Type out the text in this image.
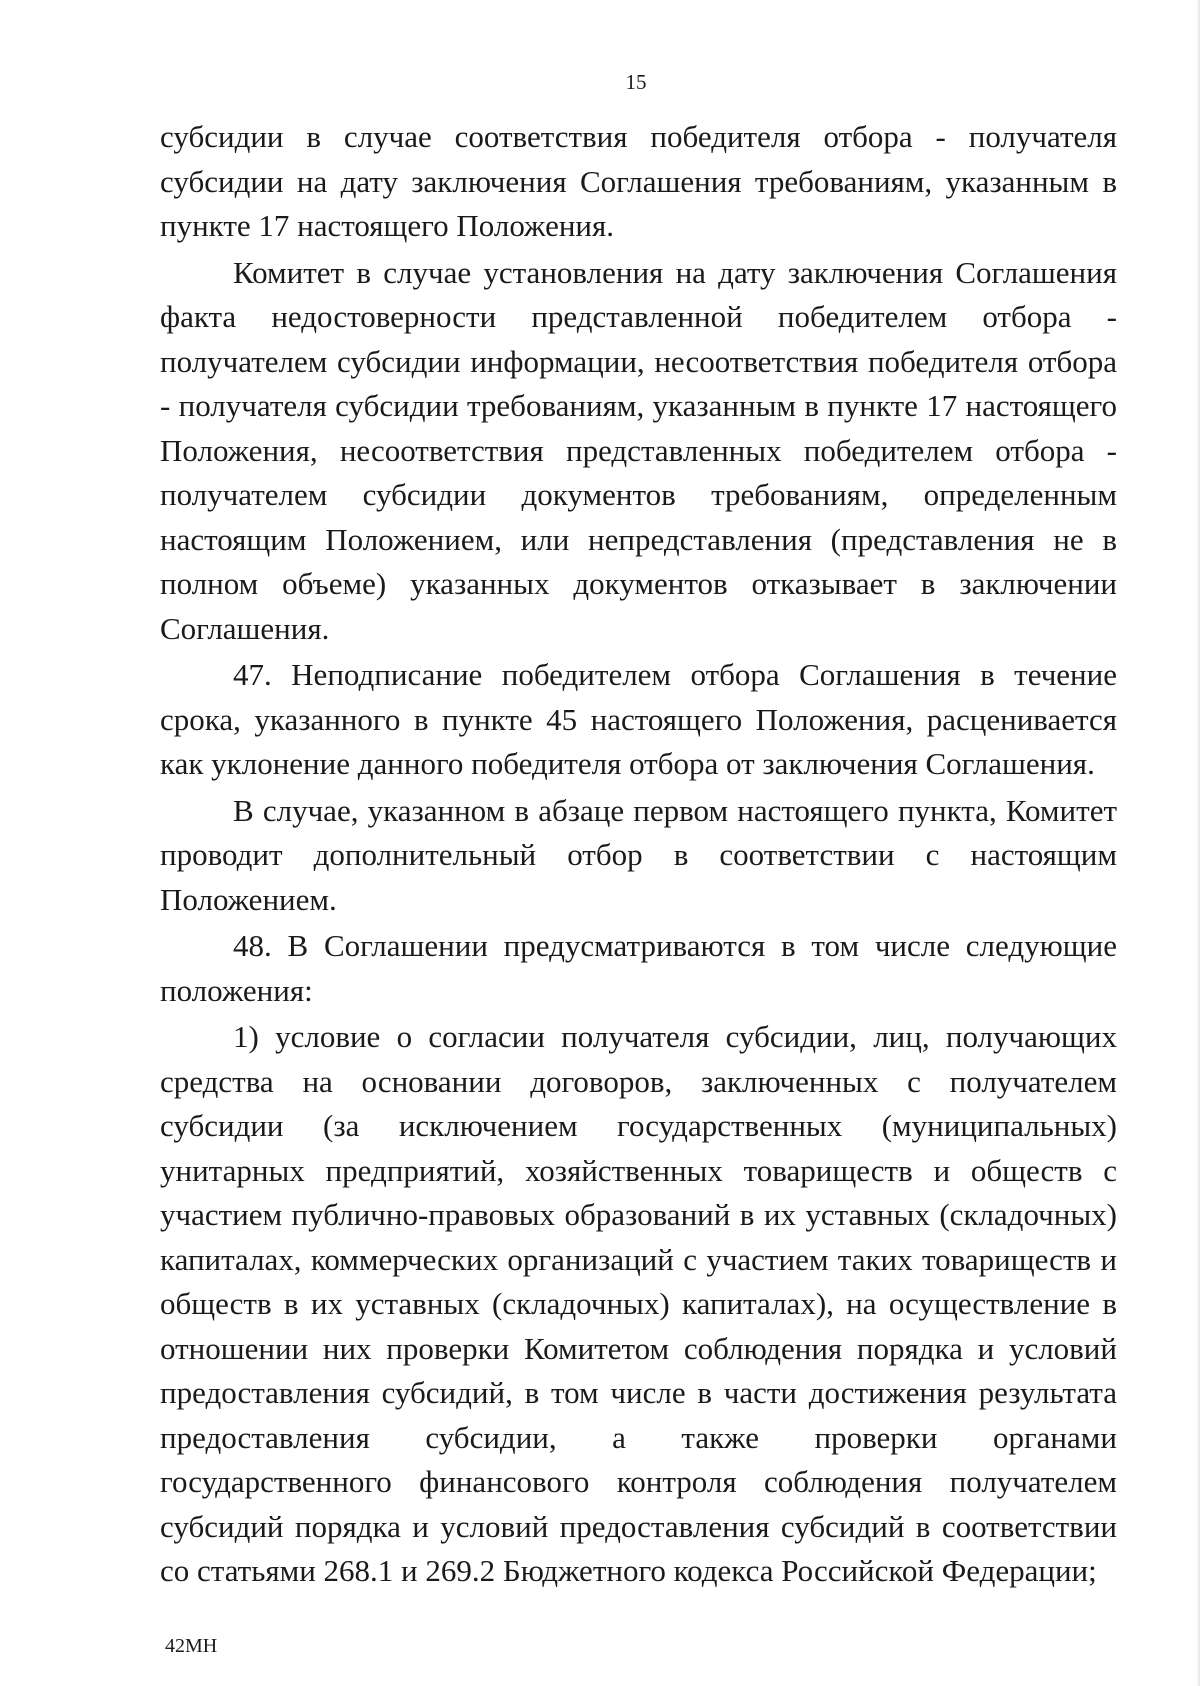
15

субсидии в случае соответствия победителя отбора - получателя субсидии на дату заключения Соглашения требованиям, указанным в пункте 17 настоящего Положения.

Комитет в случае установления на дату заключения Соглашения факта недостоверности представленной победителем отбора - получателем субсидии информации, несоответствия победителя отбора - получателя субсидии требованиям, указанным в пункте 17 настоящего Положения, несоответствия представленных победителем отбора - получателем субсидии документов требованиям, определенным настоящим Положением, или непредставления (представления не в полном объеме) указанных документов отказывает в заключении Соглашения.

47. Неподписание победителем отбора Соглашения в течение срока, указанного в пункте 45 настоящего Положения, расценивается как уклонение данного победителя отбора от заключения Соглашения.

В случае, указанном в абзаце первом настоящего пункта, Комитет проводит дополнительный отбор в соответствии с настоящим Положением.

48. В Соглашении предусматриваются в том числе следующие положения:

1) условие о согласии получателя субсидии, лиц, получающих средства на основании договоров, заключенных с получателем субсидии (за исключением государственных (муниципальных) унитарных предприятий, хозяйственных товариществ и обществ с участием публично-правовых образований в их уставных (складочных) капиталах, коммерческих организаций с участием таких товариществ и обществ в их уставных (складочных) капиталах), на осуществление в отношении них проверки Комитетом соблюдения порядка и условий предоставления субсидий, в том числе в части достижения результата предоставления субсидии, а также проверки органами государственного финансового контроля соблюдения получателем субсидий порядка и условий предоставления субсидий в соответствии со статьями 268.1 и 269.2 Бюджетного кодекса Российской Федерации;

42МН
